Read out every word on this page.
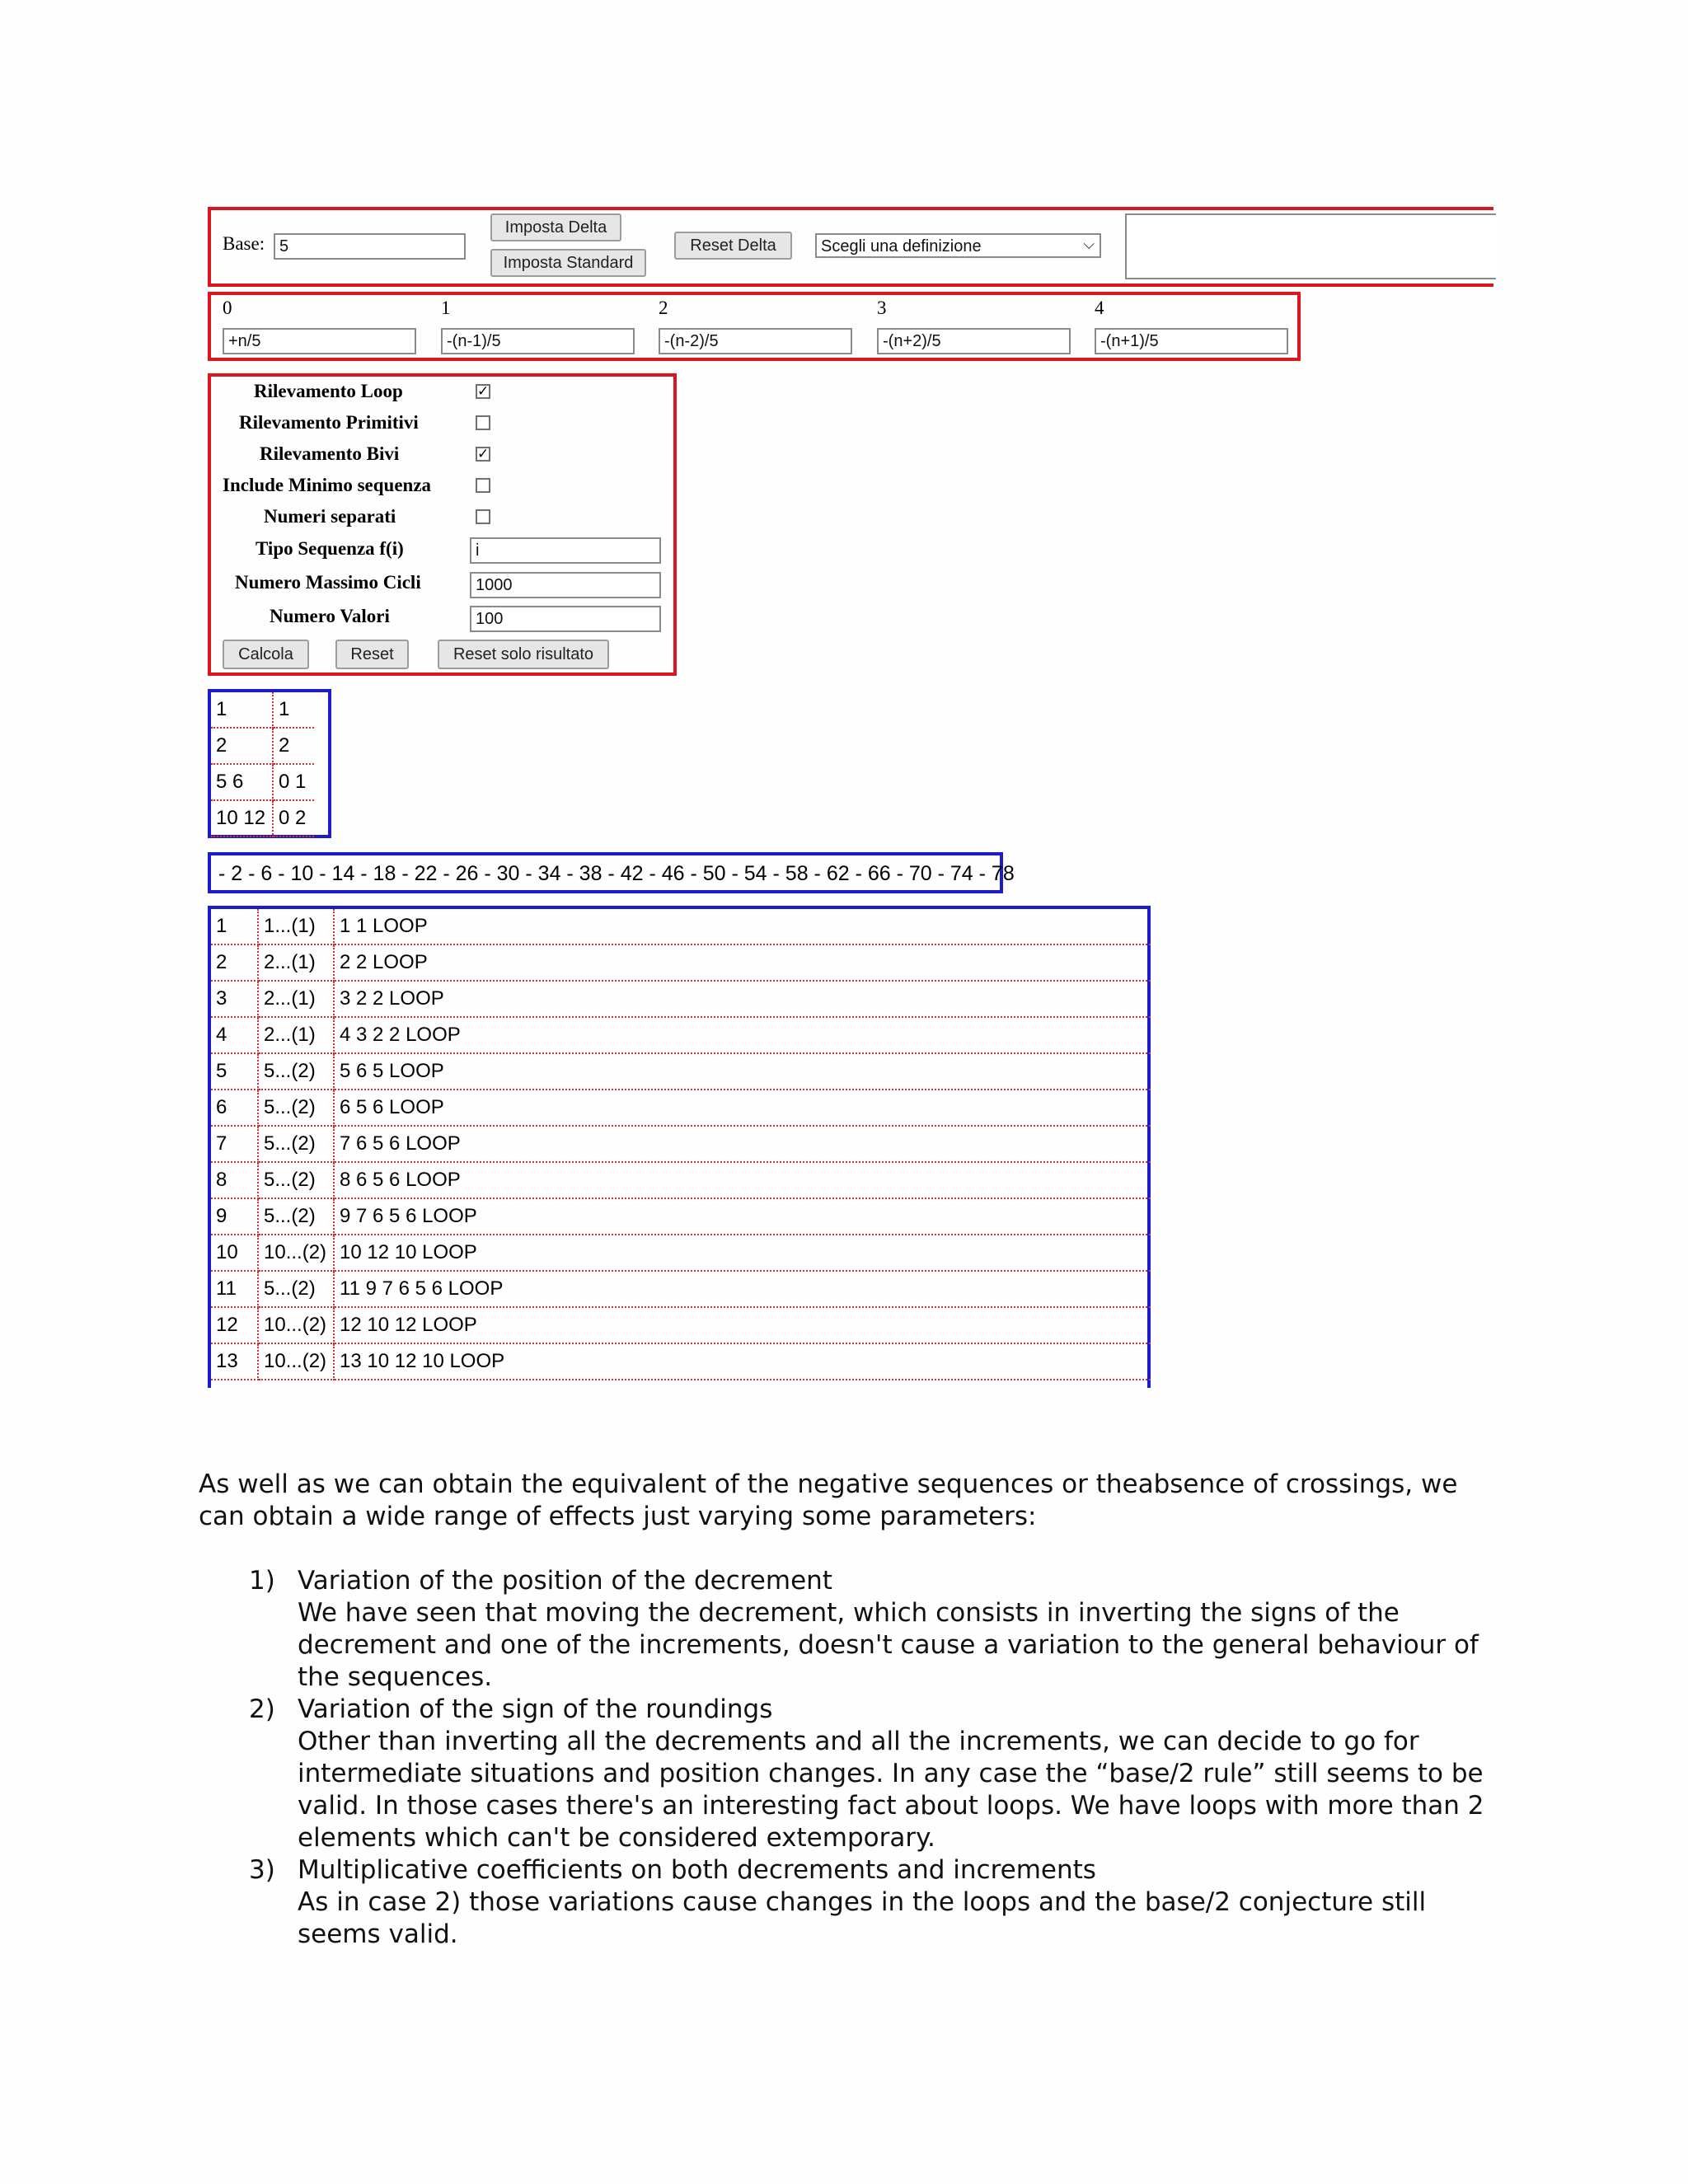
Base: 5
Imposta Delta
Imposta Standard
Reset Delta	Scegli una definizione	⌵
0	1	2	3	4
+n/5	-(n-1)/5	-(n-2)/5	-(n+2)/5	-(n+1)/5
Rilevamento Loop	✓
Rilevamento Primitivi
Rilevamento Bivi	✓
Include Minimo sequenza
Numeri separati
Tipo Sequenza f(i)	i
Numero Massimo Cicli	1000
Numero Valori	100
Calcola	Reset	Reset solo risultato
1	1
2	2
5 6	0 1
10 12	0 2
- 2 - 6 - 10 - 14 - 18 - 22 - 26 - 30 - 34 - 38 - 42 - 46 - 50 - 54 - 58 - 62 - 66 - 70 - 74 - 78
1	1...(1)	1 1 LOOP
2	2...(1)	2 2 LOOP
3	2...(1)	3 2 2 LOOP
4	2...(1)	4 3 2 2 LOOP
5	5...(2)	5 6 5 LOOP
6	5...(2)	6 5 6 LOOP
7	5...(2)	7 6 5 6 LOOP
8	5...(2)	8 6 5 6 LOOP
9	5...(2)	9 7 6 5 6 LOOP
10	10...(2)	10 12 10 LOOP
11	5...(2)	11 9 7 6 5 6 LOOP
12	10...(2)	12 10 12 LOOP
13	10...(2)	13 10 12 10 LOOP
As well as we can obtain the equivalent of the negative sequences or theabsence of crossings, we can obtain a wide range of effects just varying some parameters:
1) Variation of the position of the decrement
We have seen that moving the decrement, which consists in inverting the signs of the decrement and one of the increments, doesn't cause a variation to the general behaviour of the sequences.
2) Variation of the sign of the roundings
Other than inverting all the decrements and all the increments, we can decide to go for intermediate situations and position changes. In any case the “base/2 rule” still seems to be valid. In those cases there's an interesting fact about loops. We have loops with more than 2 elements which can't be considered extemporary.
3) Multiplicative coefficients on both decrements and increments
As in case 2) those variations cause changes in the loops and the base/2 conjecture still seems valid.
